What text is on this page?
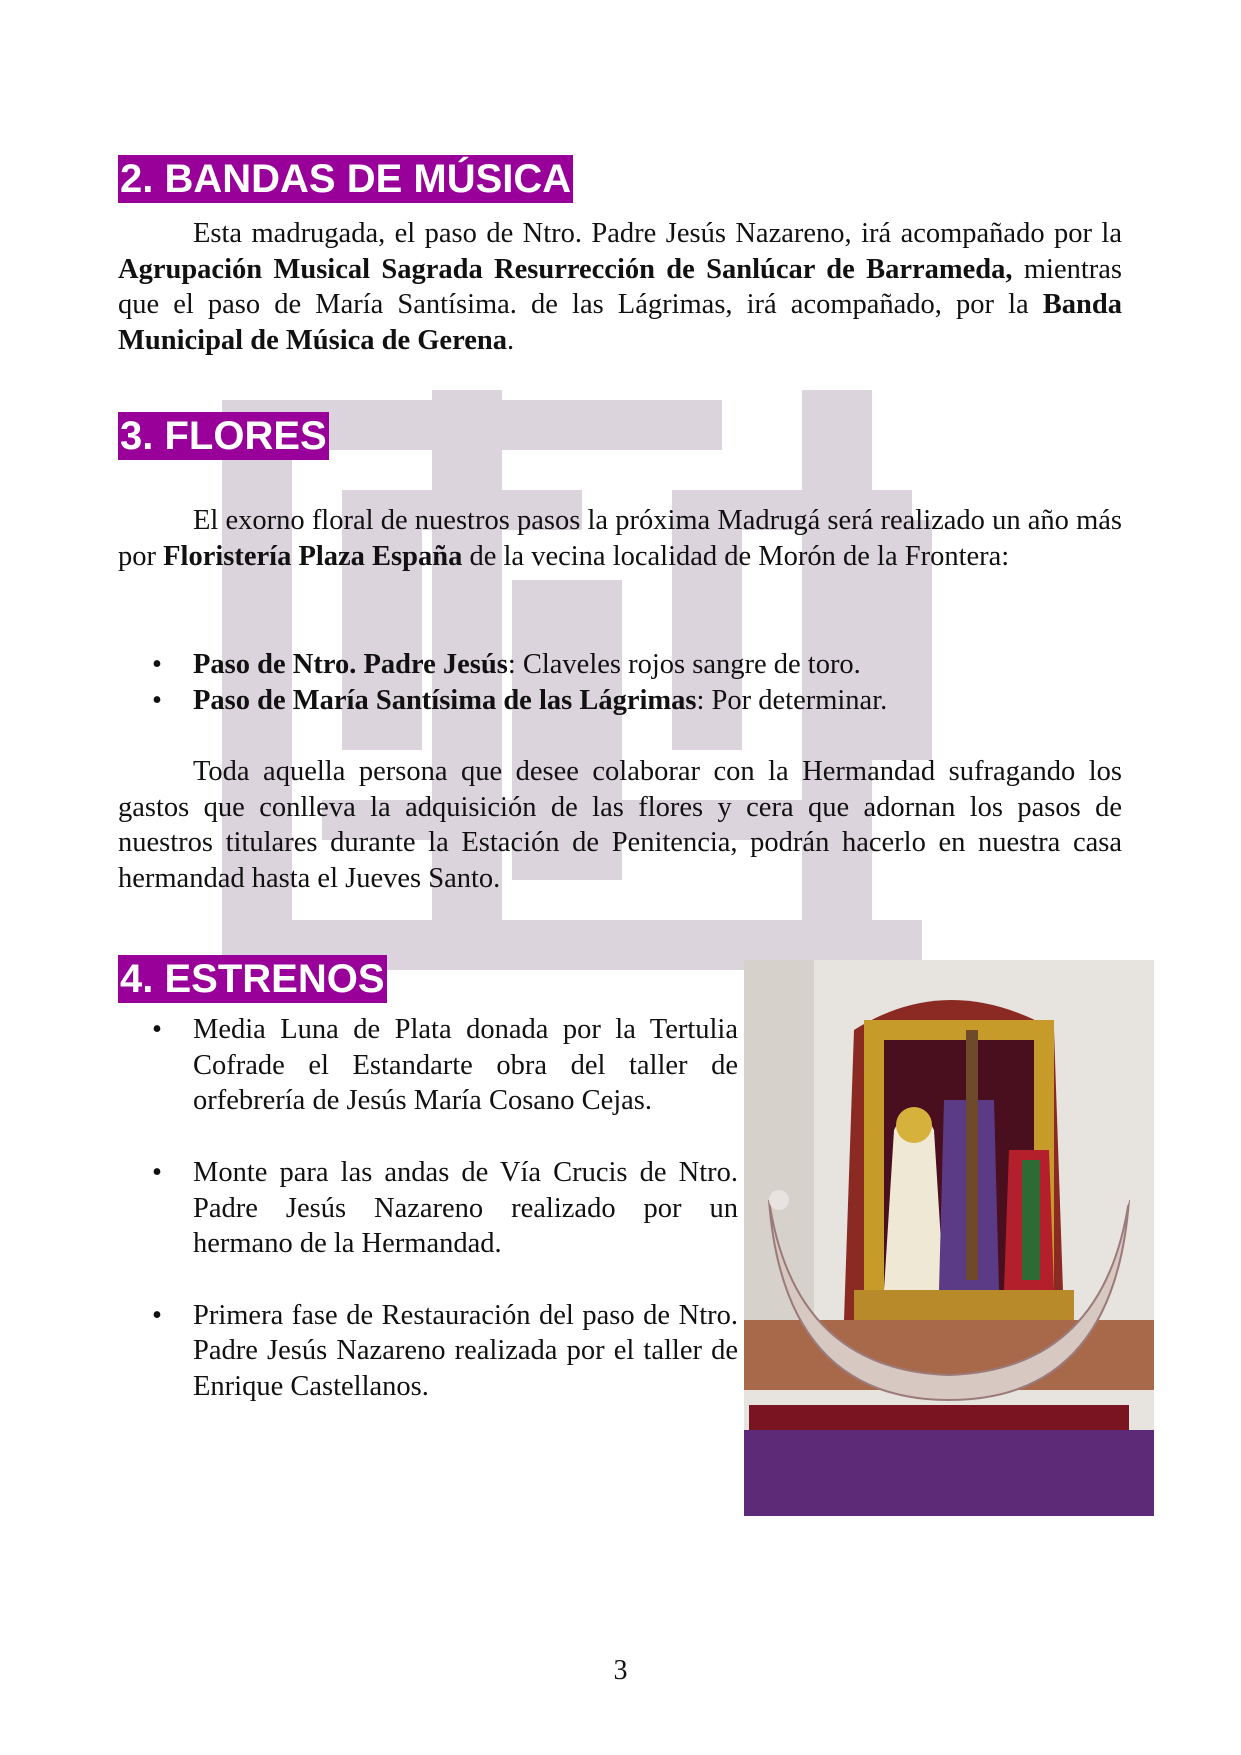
2. BANDAS DE MÚSICA

Esta madrugada, el paso de Ntro. Padre Jesús Nazareno, irá acompañado por la Agrupación Musical Sagrada Resurrección de Sanlúcar de Barrameda, mientras que el paso de María Santísima. de las Lágrimas, irá acompañado, por la Banda Municipal de Música de Gerena.

3. FLORES

El exorno floral de nuestros pasos la próxima Madrugá será realizado un año más por Floristería Plaza España de la vecina localidad de Morón de la Frontera:

• Paso de Ntro. Padre Jesús: Claveles rojos sangre de toro.
• Paso de María Santísima de las Lágrimas: Por determinar.

Toda aquella persona que desee colaborar con la Hermandad sufragando los gastos que conlleva la adquisición de las flores y cera que adornan los pasos de nuestros titulares durante la Estación de Penitencia, podrán hacerlo en nuestra casa hermandad hasta el Jueves Santo.

4. ESTRENOS
• Media Luna de Plata donada por la Tertulia Cofrade el Estandarte obra del taller de orfebrería de Jesús María Cosano Cejas.
• Monte para las andas de Vía Crucis de Ntro. Padre Jesús Nazareno realizado por un hermano de la Hermandad.
• Primera fase de Restauración del paso de Ntro. Padre Jesús Nazareno realizada por el taller de Enrique Castellanos.
3
